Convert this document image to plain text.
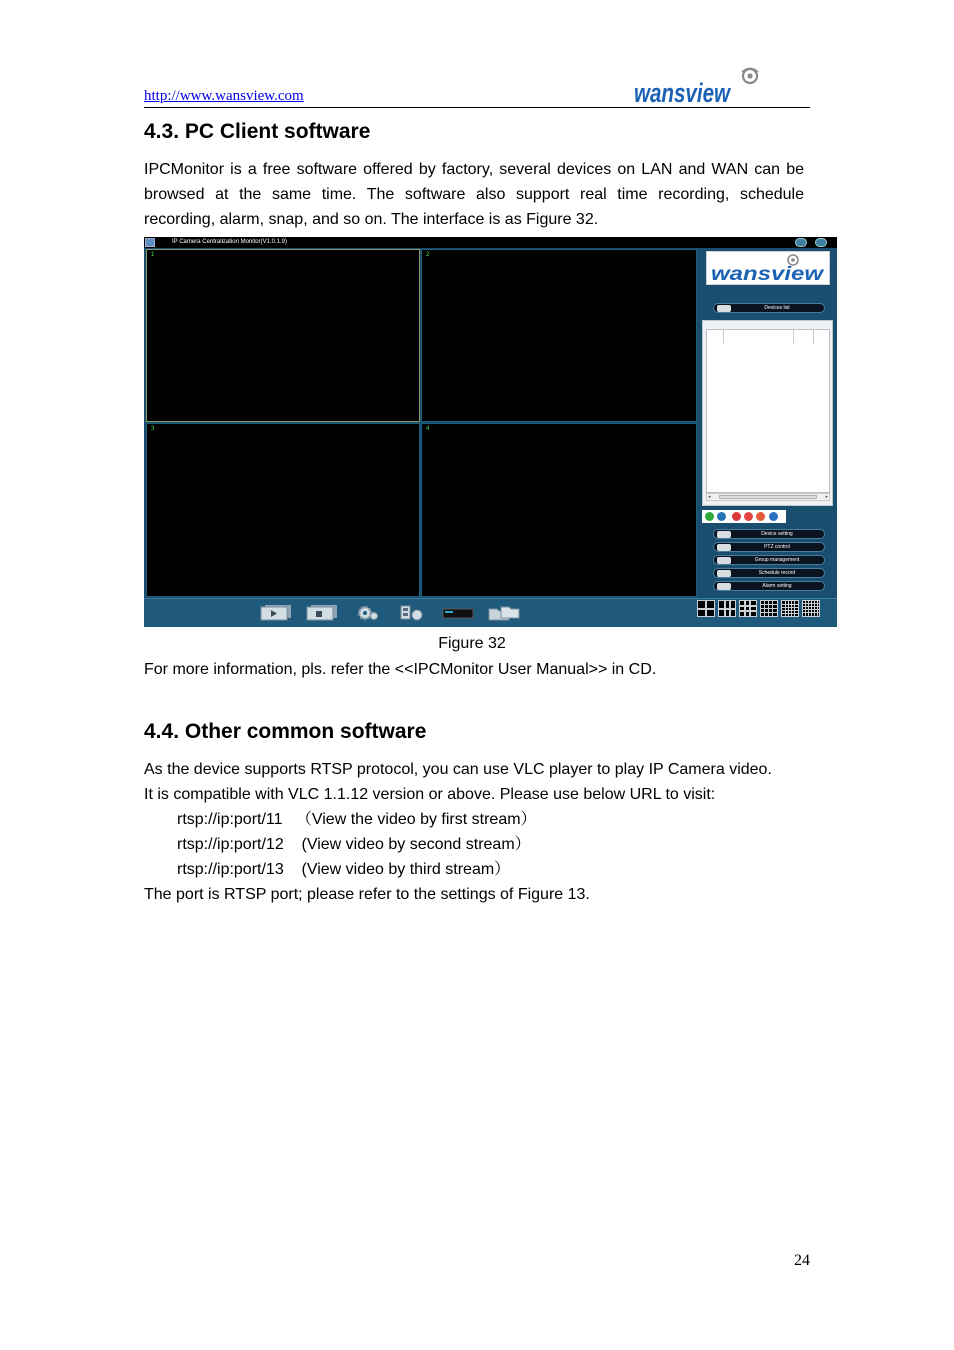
http://www.wansview.com	wansview
4.3. PC Client software
IPCMonitor is a free software offered by factory, several devices on LAN and WAN can be browsed at the same time. The software also support real time recording, schedule recording, alarm, snap, and so on. The interface is as Figure 32.
IP Camera Centralization Monitor(V1.0.1.9)
1	2
3	4
wansview
Devices list
◂	▸
Device setting
PTZ control
Group management
Schedule record
Alarm setting
Figure 32
For more information, pls. refer the <<IPCMonitor User Manual>> in CD.
4.4. Other common software
As the device supports RTSP protocol, you can use VLC player to play IP Camera video.
It is compatible with VLC 1.1.12 version or above. Please use below URL to visit:
rtsp://ip:port/11   （View the video by first stream）
rtsp://ip:port/12    (View video by second stream）
rtsp://ip:port/13    (View video by third stream）
The port is RTSP port; please refer to the settings of Figure 13.
24
